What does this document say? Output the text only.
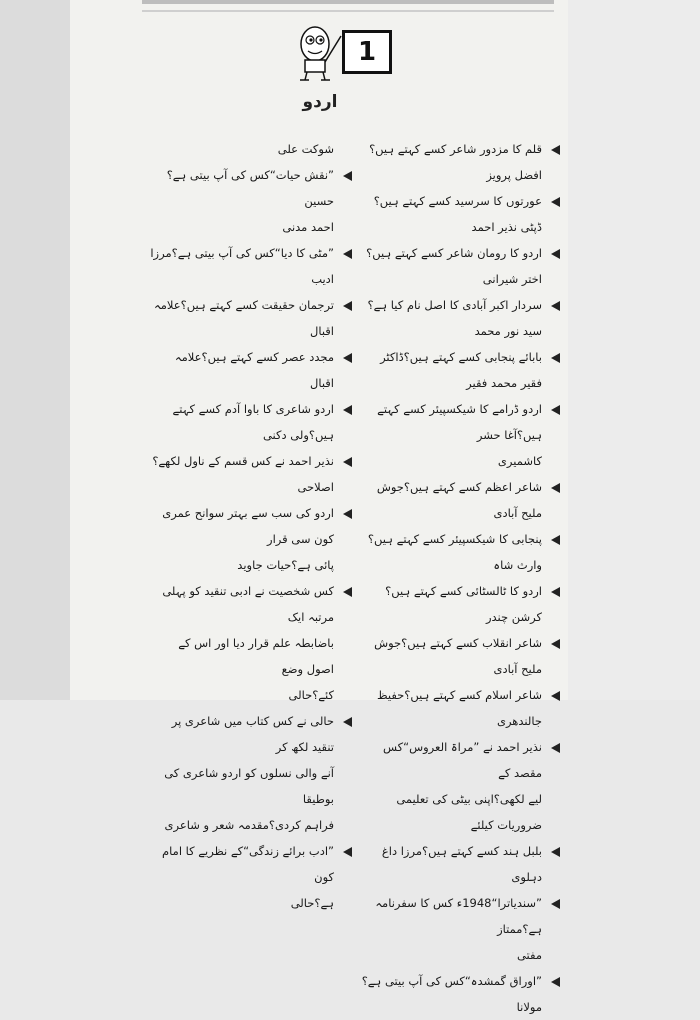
1
اردو
قلم کا مزدور شاعر کسے کہتے ہیں؟افضل پرویز
عورتوں کا سرسید کسے کہتے ہیں؟ڈپٹی نذیر احمد
اردو کا رومان شاعر کسے کہتے ہیں؟اختر شیرانی
سردار اکبر آبادی کا اصل نام کیا ہے؟سید نور محمد
بابائے پنجابی کسے کہتے ہیں؟ڈاکٹر فقیر محمد فقیر
اردو ڈرامے کا شیکسپیئر کسے کہتے ہیں؟آغا حشر
کاشمیری
شاعر اعظم کسے کہتے ہیں؟جوش ملیح آبادی
پنجابی کا شیکسپیئر کسے کہتے ہیں؟وارث شاہ
اردو کا ٹالسٹائی کسے کہتے ہیں؟کرشن چندر
شاعر انقلاب کسے کہتے ہیں؟جوش ملیح آبادی
شاعر اسلام کسے کہتے ہیں؟حفیظ جالندھری
نذیر احمد نے ”مراۃ العروس“کس مقصد کے
لیے لکھی؟اپنی بیٹی کی تعلیمی ضروریات کیلئے
بلبل ہند کسے کہتے ہیں؟مرزا داغ دہلوی
”سندیاترا“1948ء کس کا سفرنامہ ہے؟ممتاز
مفتی
”اوراق گمشدہ“کس کی آپ بیتی ہے؟مولانا
شوکت علی
”نقش حیات“کس کی آپ بیتی ہے؟حسین
احمد مدنی
”مٹی کا دیا“کس کی آپ بیتی ہے؟مرزا ادیب
ترجمان حقیقت کسے کہتے ہیں؟علامہ اقبال
مجدد عصر کسے کہتے ہیں؟علامہ اقبال
اردو شاعری کا باوا آدم کسے کہتے ہیں؟ولی دکنی
نذیر احمد نے کس قسم کے ناول لکھے؟اصلاحی
اردو کی سب سے بہتر سوانح عمری کون سی قرار
پائی ہے؟حیات جاوید
کس شخصیت نے ادبی تنقید کو پہلی مرتبہ ایک
باضابطہ علم قرار دیا اور اس کے اصول وضع
کئے؟حالی
حالی نے کس کتاب میں شاعری پر تنقید لکھ کر
آنے والی نسلوں کو اردو شاعری کی بوطیقا
فراہم کردی؟مقدمہ شعر و شاعری
”ادب برائے زندگی“کے نظریے کا امام کون
ہے؟حالی
